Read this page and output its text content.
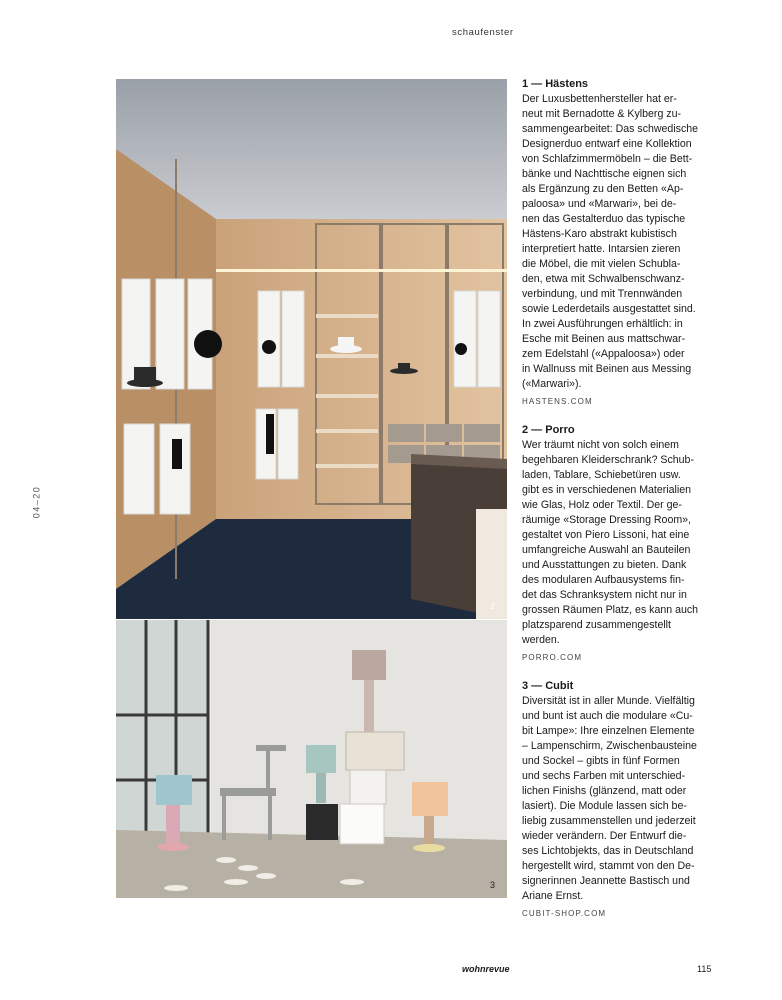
schaufenster
04–20
2
3
1 — Hästens

Der Luxusbettenhersteller hat er-
neut mit Bernadotte & Kylberg zu-
sammengearbeitet: Das schwedische
Designerduo entwarf eine Kollektion
von Schlafzimmermöbeln – die Bett-
bänke und Nachttische eignen sich
als Ergänzung zu den Betten «Ap-
paloosa» und «Marwari», bei de-
nen das Gestalterduo das typische
Hästens-Karo abstrakt kubistisch
interpretiert hatte. Intarsien zieren
die Möbel, die mit vielen Schubla-
den, etwa mit Schwalbenschwanz-
verbindung, und mit Trennwänden
sowie Lederdetails ausgestattet sind.
In zwei Ausführungen erhältlich: in
Esche mit Beinen aus mattschwar-
zem Edelstahl («Appaloosa») oder
in Wallnuss mit Beinen aus Messing
(«Marwari»).

HASTENS.COM
2 — Porro

Wer träumt nicht von solch einem
begehbaren Kleiderschrank? Schub-
laden, Tablare, Schiebetüren usw.
gibt es in verschiedenen Materialien
wie Glas, Holz oder Textil. Der ge-
räumige «Storage Dressing Room»,
gestaltet von Piero Lissoni, hat eine
umfangreiche Auswahl an Bauteilen
und Ausstattungen zu bieten. Dank
des modularen Aufbausystems fin-
det das Schranksystem nicht nur in
grossen Räumen Platz, es kann auch
platzsparend zusammengestellt
werden.

PORRO.COM
3 — Cubit

Diversität ist in aller Munde. Vielfältig
und bunt ist auch die modulare «Cu-
bit Lampe»: Ihre einzelnen Elemente
– Lampenschirm, Zwischenbausteine
und Sockel – gibts in fünf Formen
und sechs Farben mit unterschied-
lichen Finishs (glänzend, matt oder
lasiert). Die Module lassen sich be-
liebig zusammenstellen und jederzeit
wieder verändern. Der Entwurf die-
ses Lichtobjekts, das in Deutschland
hergestellt wird, stammt von den De-
signerinnen Jeannette Bastisch und
Ariane Ernst.

CUBIT-SHOP.COM
wohnrevue	115
